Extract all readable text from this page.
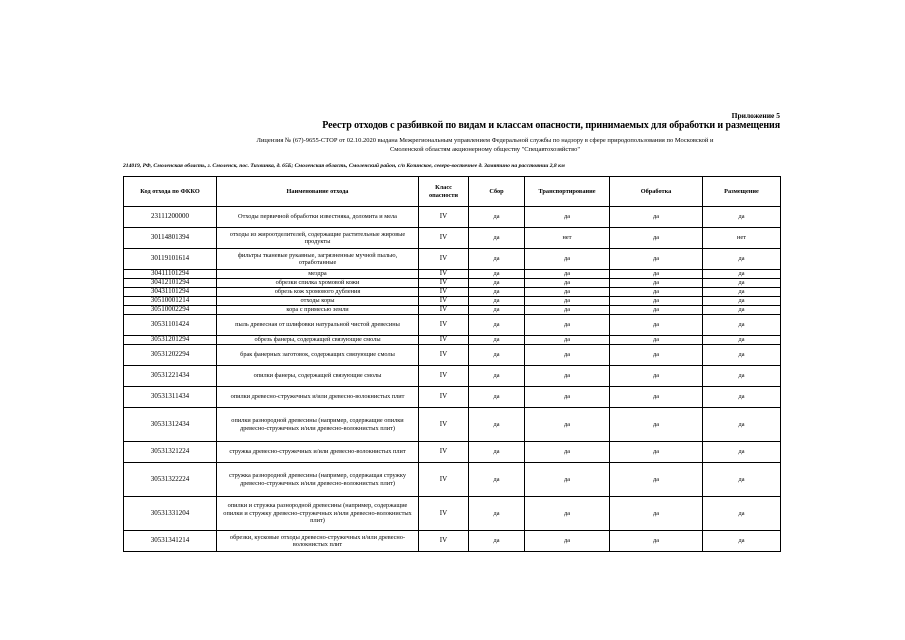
Приложение 5
Реестр отходов с разбивкой по видам и классам опасности, принимаемых для обработки и размещения
Лицензия № (67)-9655-СТОР от 02.10.2020 выдана Межрегиональным управлением Федеральной службы по надзору в сфере природопользования по Московской и
Смоленской областям акционерному обществу "Спецавтохозяйство"
214019, РФ, Смоленская область, г. Смоленск, пос. Тихвинка, д. 65Б; Смоленская область, Смоленский район, с/п Козинское, северо-восточнее д. Замятино на расстоянии 2,8 км
Код отхода по ФККО	Наименование отхода	Класс опасности	Сбор	Транспортирование	Обработка	Размещение
23111200000	Отходы первичной обработки известняка, доломита и мела	IV	да	да	да	да
30114801394	отходы из жироотделителей, содержащие растительные жировые продукты	IV	да	нет	да	нет
30119101614	фильтры тканевые рукавные, загрязненные мучной пылью, отработанные	IV	да	да	да	да
30411101294	мездра	IV	да	да	да	да
30412101294	обрезки спилка хромовой кожи	IV	да	да	да	да
30431101294	обрезь кож хромового дубления	IV	да	да	да	да
30510001214	отходы коры	IV	да	да	да	да
30510002294	кора с примесью земли	IV	да	да	да	да
30531101424	пыль древесная от шлифовки натуральной чистой древесины	IV	да	да	да	да
30531201294	обрезь фанеры, содержащей связующие смолы	IV	да	да	да	да
30531202294	брак фанерных заготовок, содержащих связующие смолы	IV	да	да	да	да
30531221434	опилки фанеры, содержащей связующие смолы	IV	да	да	да	да
30531311434	опилки древесно-стружечных и/или древесно-волокнистых плит	IV	да	да	да	да
30531312434	опилки разнородной древесины (например, содержащие опилки древесно-стружечных и/или древесно-волокнистых плит)	IV	да	да	да	да
30531321224	стружка древесно-стружечных и/или древесно-волокнистых плит	IV	да	да	да	да
30531322224	стружка разнородной древесины (например, содержащая стружку древесно-стружечных и/или древесно-волокнистых плит)	IV	да	да	да	да
30531331204	опилки и стружка разнородной древесины (например, содержащие опилки и стружку древесно-стружечных и/или древесно-волокнистых плит)	IV	да	да	да	да
30531341214	обрезки, кусковые отходы древесно-стружечных и/или древесно-волокнистых плит	IV	да	да	да	да
